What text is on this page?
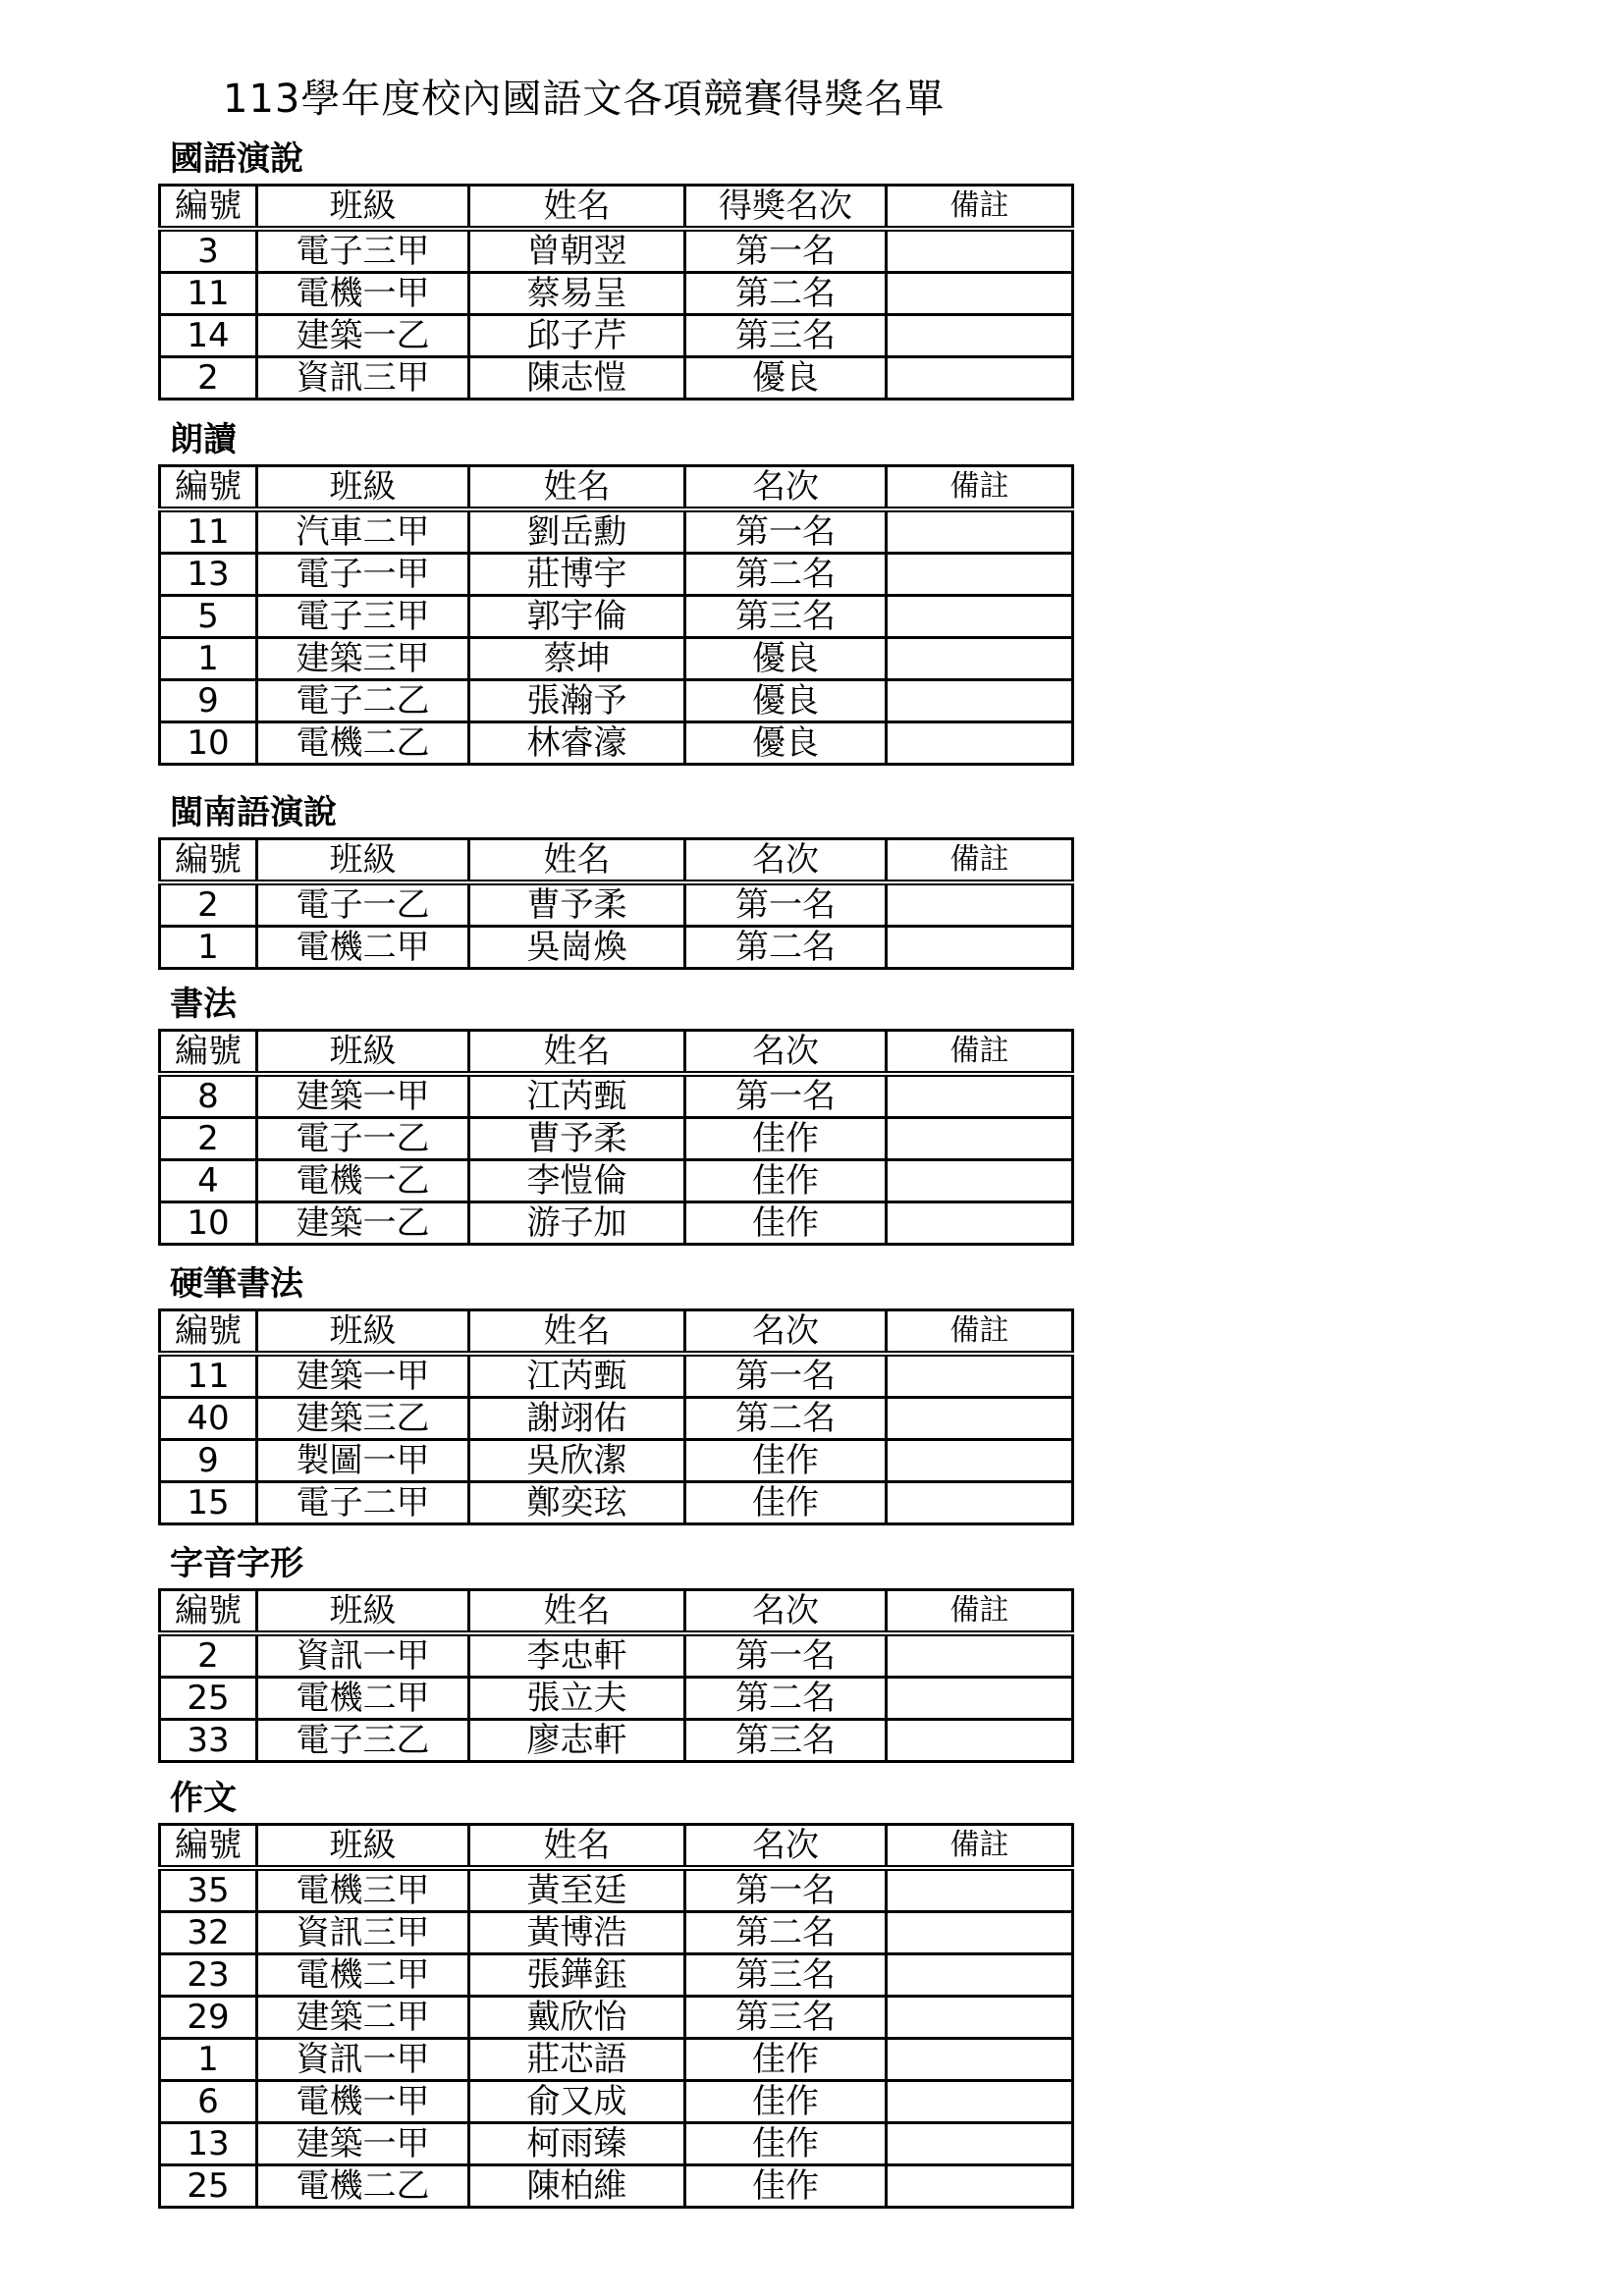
113學年度校內國語文各項競賽得獎名單
國語演說
編號	班級	姓名	得獎名次	備註
3	電子三甲	曾朝翌	第一名	
11	電機一甲	蔡易呈	第二名	
14	建築一乙	邱子芹	第三名	
2	資訊三甲	陳志愷	優良	
朗讀
編號	班級	姓名	名次	備註
11	汽車二甲	劉岳勳	第一名	
13	電子一甲	莊博宇	第二名	
5	電子三甲	郭宇倫	第三名	
1	建築三甲	蔡坤	優良	
9	電子二乙	張瀚予	優良	
10	電機二乙	林睿濠	優良	
閩南語演說
編號	班級	姓名	名次	備註
2	電子一乙	曹予柔	第一名	
1	電機二甲	吳崗煥	第二名	
書法
編號	班級	姓名	名次	備註
8	建築一甲	江芮甄	第一名	
2	電子一乙	曹予柔	佳作	
4	電機一乙	李愷倫	佳作	
10	建築一乙	游子加	佳作	
硬筆書法
編號	班級	姓名	名次	備註
11	建築一甲	江芮甄	第一名	
40	建築三乙	謝翊佑	第二名	
9	製圖一甲	吳欣潔	佳作	
15	電子二甲	鄭奕玹	佳作	
字音字形
編號	班級	姓名	名次	備註
2	資訊一甲	李忠軒	第一名	
25	電機二甲	張立夫	第二名	
33	電子三乙	廖志軒	第三名	
作文
編號	班級	姓名	名次	備註
35	電機三甲	黃至廷	第一名	
32	資訊三甲	黃博浩	第二名	
23	電機二甲	張鏵鈺	第三名	
29	建築二甲	戴欣怡	第三名	
1	資訊一甲	莊芯語	佳作	
6	電機一甲	俞又成	佳作	
13	建築一甲	柯雨臻	佳作	
25	電機二乙	陳柏維	佳作	
